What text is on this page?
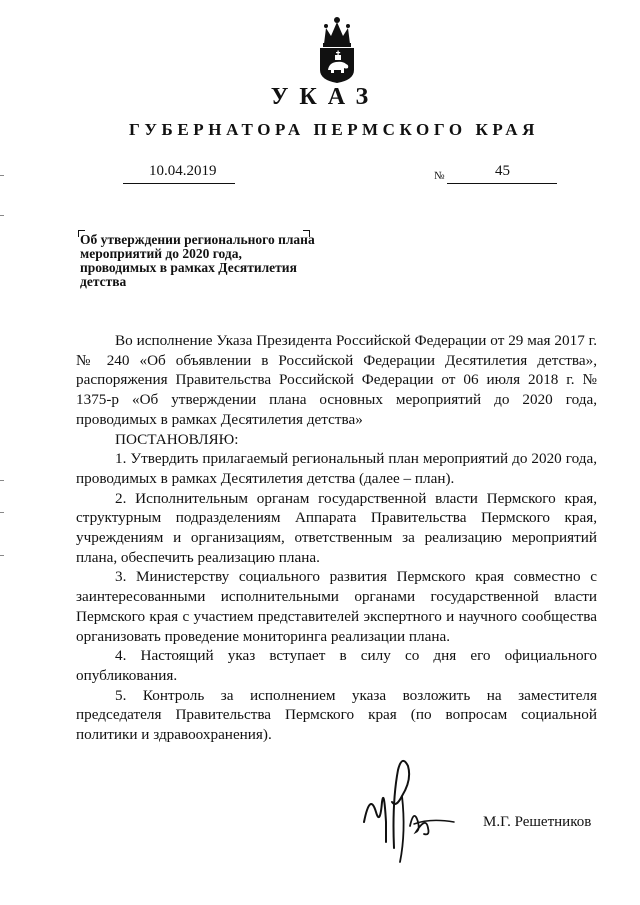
УКАЗ
ГУБЕРНАТОРА ПЕРМСКОГО КРАЯ
10.04.2019	№	45
Об утверждении регионального плана мероприятий до 2020 года, проводимых в рамках Десятилетия детства

Во исполнение Указа Президента Российской Федерации от 29 мая 2017 г. № 240 «Об объявлении в Российской Федерации Десятилетия детства», распоряжения Правительства Российской Федерации от 06 июля 2018 г. № 1375-р «Об утверждении плана основных мероприятий до 2020 года, проводимых в рамках Десятилетия детства»

ПОСТАНОВЛЯЮ:

1. Утвердить прилагаемый региональный план мероприятий до 2020 года, проводимых в рамках Десятилетия детства (далее – план).

2. Исполнительным органам государственной власти Пермского края, структурным подразделениям Аппарата Правительства Пермского края, учреждениям и организациям, ответственным за реализацию мероприятий плана, обеспечить реализацию плана.

3. Министерству социального развития Пермского края совместно с заинтересованными исполнительными органами государственной власти Пермского края с участием представителей экспертного и научного сообщества организовать проведение мониторинга реализации плана.

4. Настоящий указ вступает в силу со дня его официального опубликования.

5. Контроль за исполнением указа возложить на заместителя председателя Правительства Пермского края (по вопросам социальной политики и здравоохранения).

М.Г. Решетников
